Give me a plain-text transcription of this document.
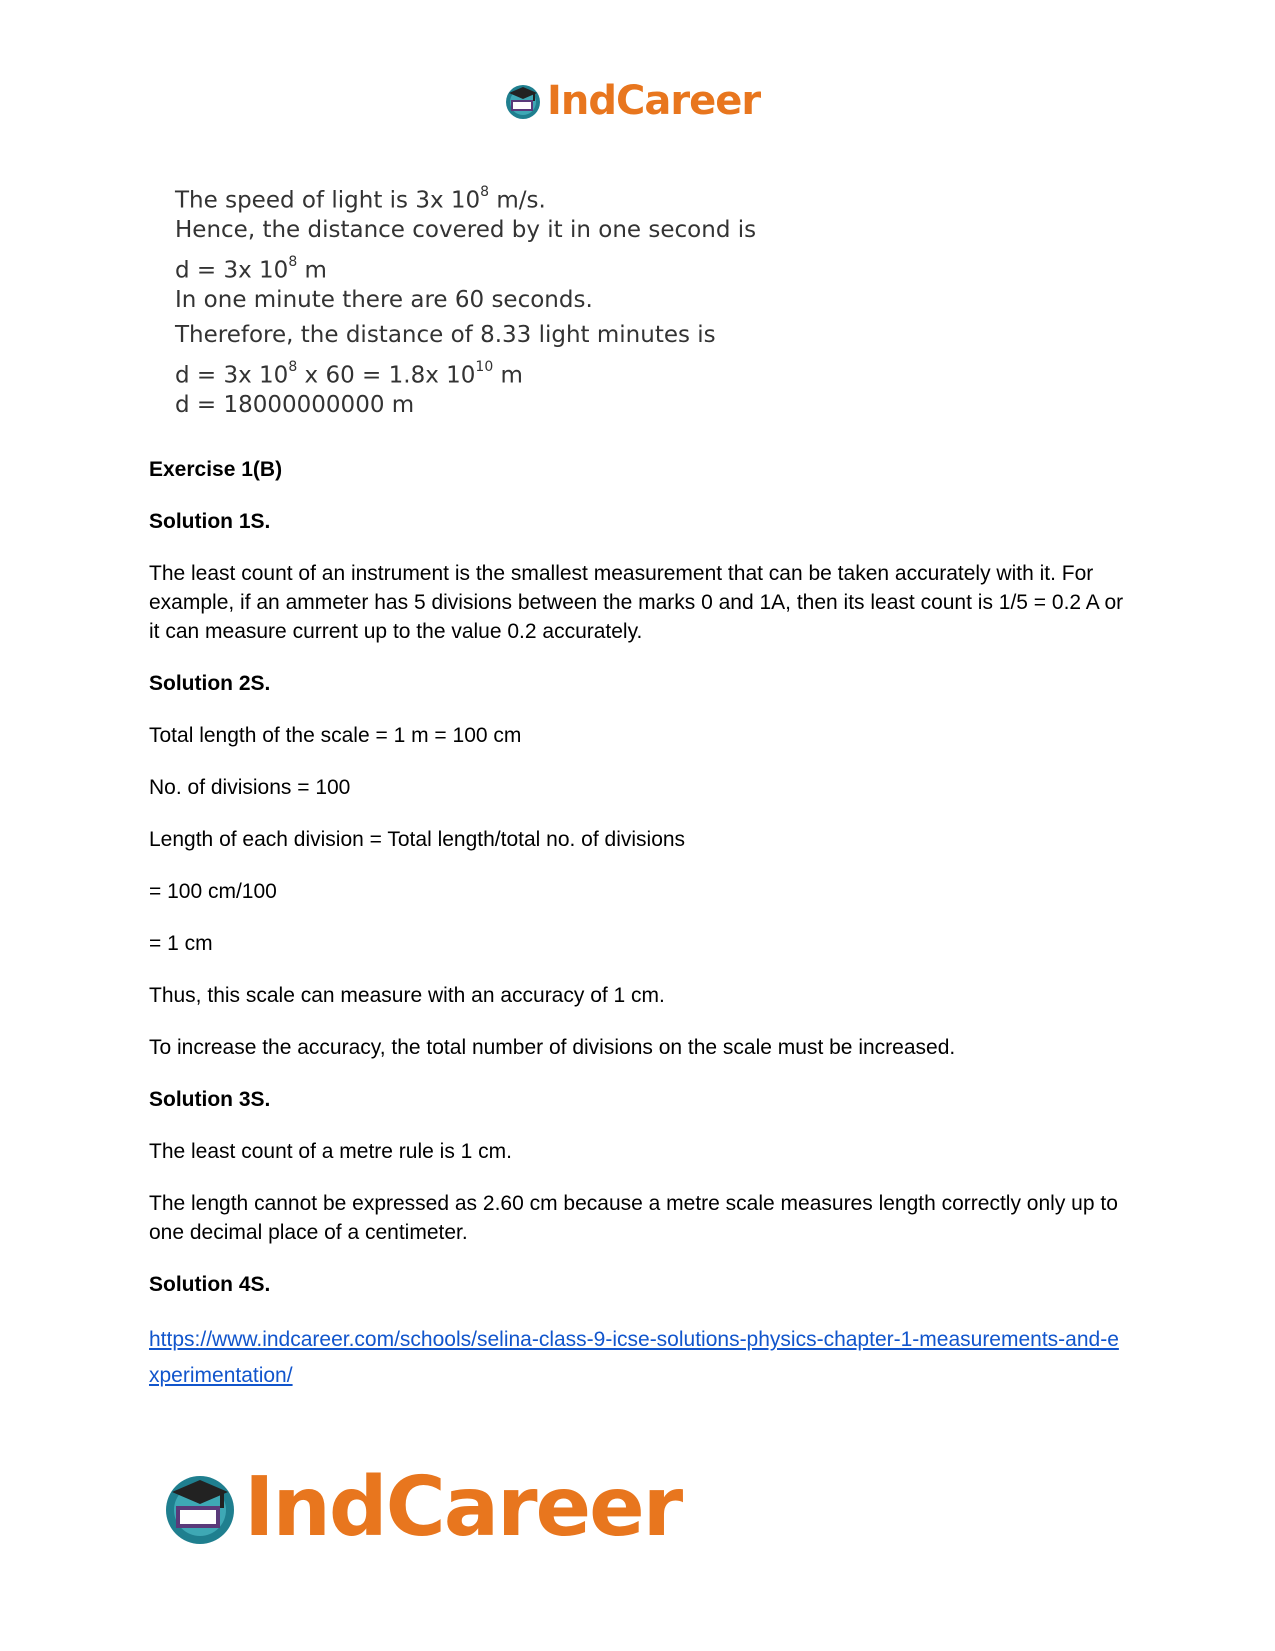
IndCareer
The speed of light is 3x $10^8$ m/s.
Hence, the distance covered by it in one second is
d = 3x $10^8$ m
In one minute there are 60 seconds.
Therefore, the distance of 8.33 light minutes is
d = 3x $10^8$ x 60 = 1.8x $10^{10}$ m
d = 18000000000 m

Exercise 1(B)

Solution 1S.

The least count of an instrument is the smallest measurement that can be taken accurately with it. For example, if an ammeter has 5 divisions between the marks 0 and 1A, then its least count is 1/5 = 0.2 A or it can measure current up to the value 0.2 accurately.

Solution 2S.

Total length of the scale = 1 m = 100 cm

No. of divisions = 100

Length of each division = Total length/total no. of divisions

= 100 cm/100

= 1 cm

Thus, this scale can measure with an accuracy of 1 cm.

To increase the accuracy, the total number of divisions on the scale must be increased.

Solution 3S.

The least count of a metre rule is 1 cm.

The length cannot be expressed as 2.60 cm because a metre scale measures length correctly only up to one decimal place of a centimeter.

Solution 4S.

https://www.indcareer.com/schools/selina-class-9-icse-solutions-physics-chapter-1-measurements-and-experimentation/

IndCareer
